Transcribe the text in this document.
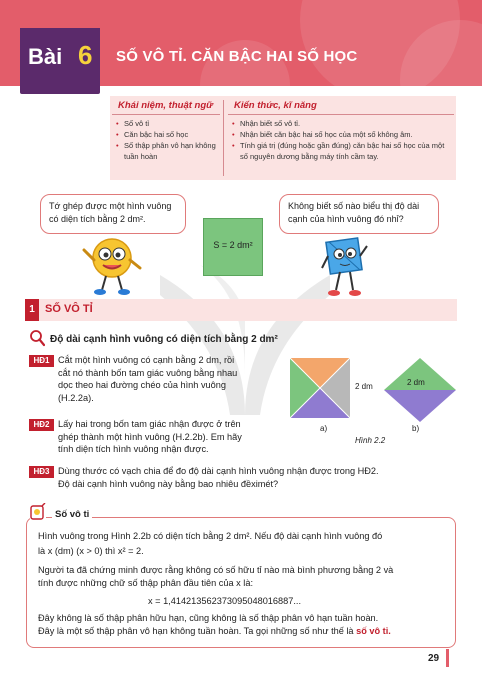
SỐ VÔ TỈ. CĂN BẬC HAI SỐ HỌC
Bài 6
Khái niệm, thuật ngữ
• Số vô tỉ
• Căn bậc hai số học
• Số thập phân vô hạn không tuần hoàn
Kiến thức, kĩ năng
• Nhận biết số vô tỉ.
• Nhận biết căn bậc hai số học của một số không âm.
• Tính giá trị (đúng hoặc gần đúng) căn bậc hai số học của một số nguyên dương bằng máy tính cầm tay.
Tớ ghép được một hình vuông có diện tích bằng 2 dm².
Không biết số nào biểu thị độ dài cạnh của hình vuông đó nhỉ?
S = 2 dm²
1 SỐ VÔ TỈ
Độ dài cạnh hình vuông có diện tích bằng 2 dm²
HĐ1 Cắt một hình vuông có cạnh bằng 2 dm, rồi
cắt nó thành bốn tam giác vuông bằng nhau
dọc theo hai đường chéo của hình vuông
(H.2.2a).
HĐ2 Lấy hai trong bốn tam giác nhận được ở trên
ghép thành một hình vuông (H.2.2b). Em hãy
tính diện tích hình vuông nhận được.
HĐ3 Dùng thước có vạch chia để đo độ dài cạnh hình vuông nhận được trong HĐ2.
Độ dài cạnh hình vuông này bằng bao nhiêu đềximét?
2 dm
a)
2 dm
b)
Hình 2.2
Số vô tỉ
Hình vuông trong Hình 2.2b có diện tích bằng 2 dm². Nếu độ dài cạnh hình vuông đó
là x (dm) (x > 0) thì x² = 2.
Người ta đã chứng minh được rằng không có số hữu tỉ nào mà bình phương bằng 2 và
tính được những chữ số thập phân đầu tiên của x là:
x = 1,414213562373095048016887...
Đây không là số thập phân hữu hạn, cũng không là số thập phân vô hạn tuần hoàn.
Đây là một số thập phân vô hạn không tuần hoàn. Ta gọi những số như thế là số vô tỉ.
29
